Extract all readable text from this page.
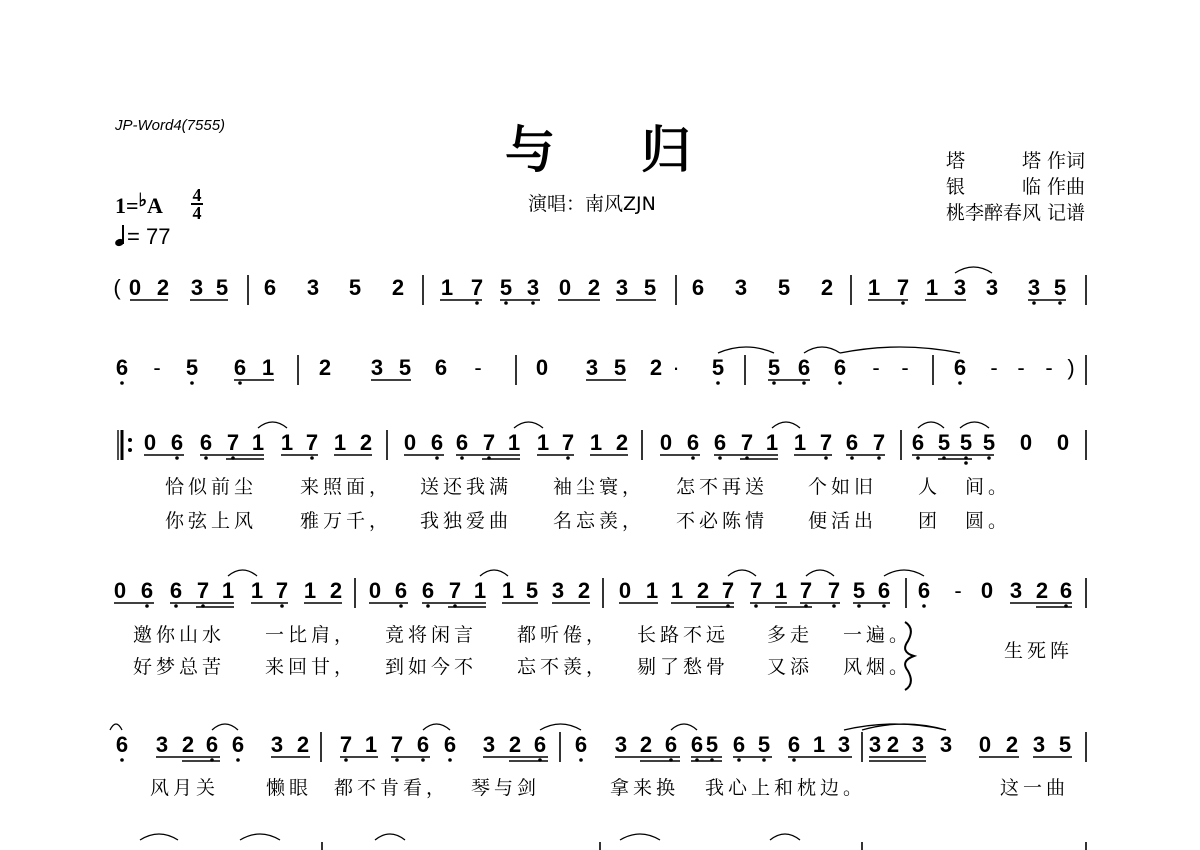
JP-Word4(7555)	与归
演唱：南风ZJN
塔　　　塔 作词
银　　　临 作曲
桃李醉春风 记谱
1=♭A 4
4
= 77
( 0 2 3 5 6 3 5 2 1 7 5 3 0 2 3 5 6 3 5 2 1 7 1 3 3 3 5
6 - 5 6 1 2 3 5 6 - 0 3 5 2 · 5 5 6 6 - - 6 - - - )
0 6 6 7 1 1 7 1 2 0 6 6 7 1 1 7 1 2 0 6 6 7 1 1 7 6 7 6 5 5 5 0 0
0 6 6 7 1 1 7 1 2 0 6 6 7 1 1 5 3 2 0 1 1 2 7 7 1 7 7 5 6 6 - 0 3 2 6
6 3 2 6 6 3 2 7 1 7 6 6 3 2 6 6 3 2 6 6 5 6 5 6 1 3 3 2 3 3 0 2 3 5
恰似前尘
你弦上风
来照面，
雅万千，
送还我满
我独爱曲
袖尘寰，
名忘羡，
怎不再送
不必陈情
个如旧
便活出
人
团
间。
圆。
邀你山水
好梦总苦
一比肩，
来回甘，
竟将闲言
到如今不
都听倦，
忘不羡，
长路不远
剔了愁骨
多走
又添
一遍。
风烟。
生死阵
风月关 懒眼 都不肯看， 琴与剑	拿来换 我心上和枕边。	这一曲
